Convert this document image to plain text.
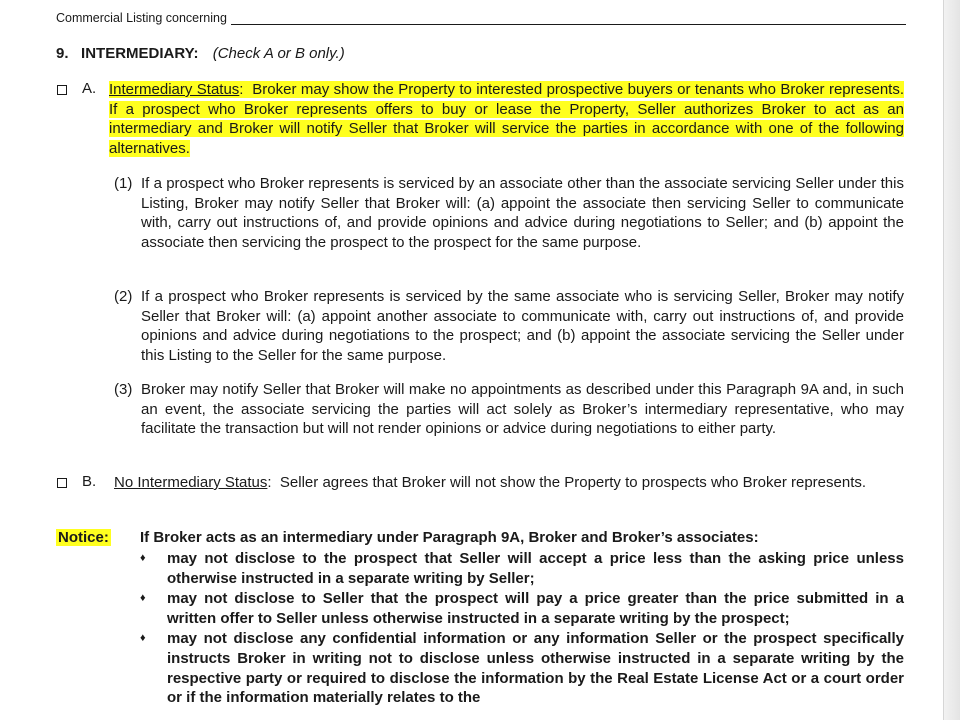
Commercial Listing concerning
9. INTERMEDIARY: (Check A or B only.)
A. Intermediary Status: Broker may show the Property to interested prospective buyers or tenants who Broker represents. If a prospect who Broker represents offers to buy or lease the Property, Seller authorizes Broker to act as an intermediary and Broker will notify Seller that Broker will service the parties in accordance with one of the following alternatives.
(1) If a prospect who Broker represents is serviced by an associate other than the associate servicing Seller under this Listing, Broker may notify Seller that Broker will: (a) appoint the associate then servicing Seller to communicate with, carry out instructions of, and provide opinions and advice during negotiations to Seller; and (b) appoint the associate then servicing the prospect to the prospect for the same purpose.
(2) If a prospect who Broker represents is serviced by the same associate who is servicing Seller, Broker may notify Seller that Broker will: (a) appoint another associate to communicate with, carry out instructions of, and provide opinions and advice during negotiations to the prospect; and (b) appoint the associate servicing the Seller under this Listing to the Seller for the same purpose.
(3) Broker may notify Seller that Broker will make no appointments as described under this Paragraph 9A and, in such an event, the associate servicing the parties will act solely as Broker’s intermediary representative, who may facilitate the transaction but will not render opinions or advice during negotiations to either party.
B. No Intermediary Status: Seller agrees that Broker will not show the Property to prospects who Broker represents.
Notice: If Broker acts as an intermediary under Paragraph 9A, Broker and Broker’s associates:
♦ may not disclose to the prospect that Seller will accept a price less than the asking price unless otherwise instructed in a separate writing by Seller;
♦ may not disclose to Seller that the prospect will pay a price greater than the price submitted in a written offer to Seller unless otherwise instructed in a separate writing by the prospect;
♦ may not disclose any confidential information or any information Seller or the prospect specifically instructs Broker in writing not to disclose unless otherwise instructed in a separate writing by the respective party or required to disclose the information by the Real Estate License Act or a court order or if the information materially relates to the
